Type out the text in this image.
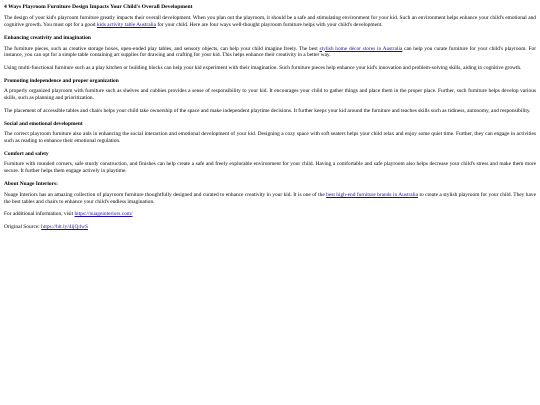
4 Ways Playroom Furniture Design Impacts Your Child's Overall Development

The design of your kid's playroom furniture greatly impacts their overall development. When you plan out the playroom, it should be a safe and stimulating environment for your kid. Such an environment helps enhance your child's emotional and cognitive growth. You must opt for a good kids activity table Australia for your child. Here are four ways well-thought playroom furniture helps with your child's development.

Enhancing creativity and imagination

The furniture pieces, such as creative storage boxes, open-ended play tables, and sensory objects, can help your child imagine freely. The best stylish home décor stores in Australia can help you curate furniture for your child's playroom. For instance, you can opt for a simple table containing art supplies for drawing and crafting for your kid. This helps enhance their creativity in a better way.

Using multi-functional furniture such as a play kitchen or building blocks can help your kid experiment with their imagination. Such furniture pieces help enhance your kid's innovation and problem-solving skills, aiding in cognitive growth.

Promoting independence and proper organization

A properly organized playroom with furniture such as shelves and cubbies provides a sense of responsibility to your kid. It encourages your child to gather things and place them in the proper place. Further, such furniture helps develop various skills, such as planning and prioritization.

The placement of accessible tables and chairs helps your child take ownership of the space and make independent playtime decisions. It further keeps your kid around the furniture and teaches skills such as tidiness, autonomy, and responsibility.

Social and emotional development

The correct playroom furniture also aids in enhancing the social interaction and emotional development of your kid. Designing a cozy space with soft seaters helps your child relax and enjoy some quiet time. Further, they can engage in activities such as reading to enhance their emotional regulation.

Comfort and safety

Furniture with rounded corners, safe sturdy construction, and finishes can help create a safe and freely explorable environment for your child. Having a comfortable and safe playroom also helps decrease your child's stress and make them more secure. It further helps them engage actively in playtime.

About Nuage Interiors:

Nuage Interiors has an amazing collection of playroom furniture thoughtfully designed and curated to enhance creativity in your kid. It is one of the best high-end furniture brands in Australia to create a stylish playroom for your child. They have the best tables and chairs to enhance your child's endless imagination.

For additional information, visit https://nuageinteriors.com/

Original Source: https://bit.ly/4ijQ4wS
